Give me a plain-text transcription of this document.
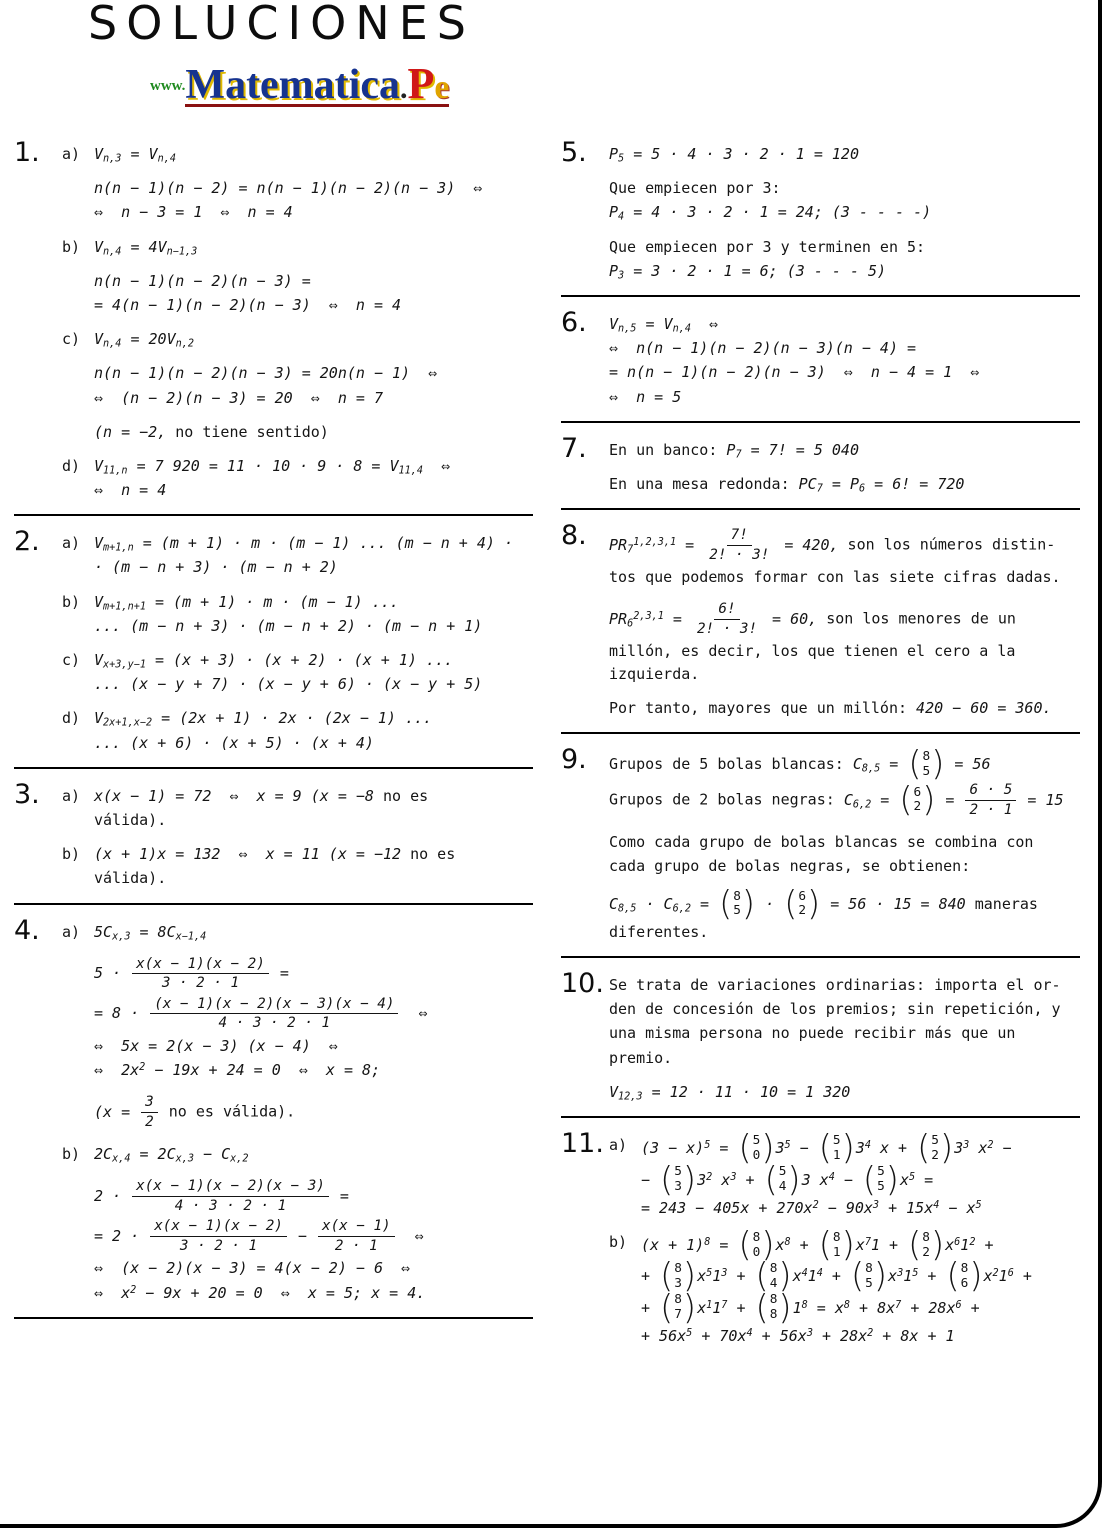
SOLUCIONES
www.Matematica.Pe
1.	a) $V_{n,3} = V_{n,4}$
n(n − 1)(n − 2) = n(n − 1)(n − 2)(n − 3)  ⇔
⇔  n − 3 = 1  ⇔  n = 4
b) $V_{n,4} = 4V_{n-1,3}$
n(n − 1)(n − 2)(n − 3) =
= 4(n − 1)(n − 2)(n − 3)  ⇔  n = 4
c) $V_{n,4} = 20V_{n,2}$
n(n − 1)(n − 2)(n − 3) = 20n(n − 1)  ⇔
⇔  (n − 2)(n − 3) = 20  ⇔  n = 7
(n = −2, no tiene sentido)
d) $V_{11,n} = 7$ $920 = 11 \cdot 10 \cdot 9 \cdot 8 = V_{11,4}$  ⇔
⇔  n = 4
2.	a) $V_{m+1,n} = (m + 1) \cdot m \cdot (m - 1)$ ... (m − n + 4) ·
· (m − n + 3) · (m − n + 2)
b) $V_{m+1,n+1} = (m + 1) \cdot m \cdot (m - 1)$ ...
... (m − n + 3) · (m − n + 2) · (m − n + 1)
c) $V_{x+3,y-1} = (x + 3) \cdot (x + 2) \cdot (x + 1)$ ...
... (x − y + 7) · (x − y + 6) · (x − y + 5)
d) $V_{2x+1,x-2} = (2x + 1) \cdot 2x \cdot (2x - 1)$ ...
... (x + 6) · (x + 5) · (x + 4)
3.	a) x(x − 1) = 72  ⇔  x = 9 (x = −8 no es
válida).
b) (x + 1)x = 132  ⇔  x = 11 (x = −12 no es
válida).
4.	a) $5C_{x,3} = 8C_{x-1,4}$
$5 \cdot \frac{x(x - 1)(x - 2)}{3 \cdot 2 \cdot 1}$ =
= $8 \cdot \frac{(x - 1)(x - 2)(x - 3)(x - 4)}{4 \cdot 3 \cdot 2 \cdot 1}$ ⇔
⇔  5x = 2(x − 3) (x − 4)  ⇔
⇔  $2x^2 - 19x + 24 = 0$  ⇔  x = 8;
($x = \frac{3}{2}$ no es válida).
b) $2C_{x,4} = 2C_{x,3} - C_{x,2}$
$2 \cdot \frac{x(x - 1)(x - 2)(x - 3)}{4 \cdot 3 \cdot 2 \cdot 1}$ =
= $2 \cdot \frac{x(x - 1)(x - 2)}{3 \cdot 2 \cdot 1} - \frac{x(x - 1)}{2 \cdot 1}$ ⇔
⇔  (x − 2)(x − 3) = 4(x − 2) − 6  ⇔
⇔  $x^2 - 9x + 20 = 0$  ⇔  x = 5; x = 4.
5.	$P_5 = 5 \cdot 4 \cdot 3 \cdot 2 \cdot 1 = 120$
Que empiecen por 3:
$P_4 = 4 \cdot 3 \cdot 2 \cdot 1 = 24$; (3 - - - -)
Que empiecen por 3 y terminen en 5:
$P_3 = 3 \cdot 2 \cdot 1 = 6$; (3 - - - 5)
6.	$V_{n,5} = V_{n,4}$  ⇔
⇔  n(n − 1)(n − 2)(n − 3)(n − 4) =
= n(n − 1)(n − 2)(n − 3)  ⇔  n − 4 = 1  ⇔
⇔  n = 5
7.	En un banco: $P_7 = 7$! = 5 040
En una mesa redonda: $PC_7 = P_6 = 6$! = 720
8.	$PR_7^{1,2,3,1} = \frac{7!}{2! \cdot 3!} = 420$, son los números distin-
tos que podemos formar con las siete cifras dadas.
$PR_6^{2,3,1} = \frac{6!}{2! \cdot 3!} = 60$, son los menores de un
millón, es decir, los que tienen el cero a la izquierda.
Por tanto, mayores que un millón: 420 − 60 = 360.
9.	Grupos de 5 bolas blancas: $C_{8,5}$ = ( 8
5 ) = 56
Grupos de 2 bolas negras: $C_{6,2}$ = ( 6
2 ) = $\frac{6 \cdot 5}{2 \cdot 1} = 15$
Como cada grupo de bolas blancas se combina con
cada grupo de bolas negras, se obtienen:
$C_{8,5} \cdot C_{6,2}$ = ( 8
5 ) · ( 6
2 ) = 56 · 15 = 840 maneras
diferentes.
10. Se trata de variaciones ordinarias: importa el or-
den de concesión de los premios; sin repetición, y
una misma persona no puede recibir más que un
premio.
$V_{12,3} = 12 \cdot 11 \cdot 10 = 1$ 320
11. a) $(3 - x)^5$ = ( 5
0 ) $3^5$ − ( 5
1 ) $3^4$ x + ( 5
2 ) $3^3$ $x^2$ −
− ( 5
3 ) $3^2$ $x^3$ + ( 5
4 ) 3 $x^4$ − ( 5
5 ) $x^5$ =
= $243 - 405x + 270x^2 - 90x^3 + 15x^4 - x^5$
b) $(x + 1)^8$ = ( 8
0 ) $x^8$ + ( 8
1 ) $x^71$ + ( 8
2 ) $x^61^2$ +
+ ( 8
3 ) $x^51^3$ + ( 8
4 ) $x^41^4$ + ( 8
5 ) $x^31^5$ + ( 8
6 ) $x^21^6$ +
+ ( 8
7 ) $x^11^7$ + ( 8
8 ) $1^8 = x^8 + 8x^7 + 28x^6$ +
+ $56x^5 + 70x^4 + 56x^3 + 28x^2 + 8x + 1$
